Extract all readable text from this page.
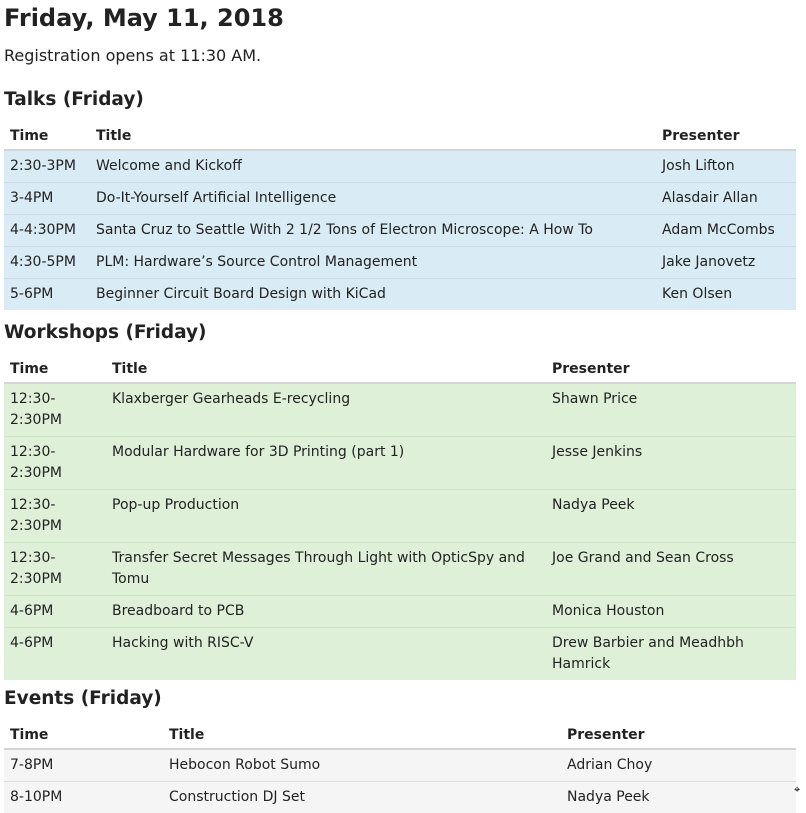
Friday, May 11, 2018
Registration opens at 11:30 AM.
Talks (Friday)
Time	Title	Presenter
2:30-3PM	Welcome and Kickoff	Josh Lifton
3-4PM	Do-It-Yourself Artificial Intelligence	Alasdair Allan
4-4:30PM	Santa Cruz to Seattle With 2 1/2 Tons of Electron Microscope: A How To	Adam McCombs
4:30-5PM	PLM: Hardware’s Source Control Management	Jake Janovetz
5-6PM	Beginner Circuit Board Design with KiCad	Ken Olsen
Workshops (Friday)
Time	Title	Presenter
12:30-2:30PM	Klaxberger Gearheads E-recycling	Shawn Price
12:30-2:30PM	Modular Hardware for 3D Printing (part 1)	Jesse Jenkins
12:30-2:30PM	Pop-up Production	Nadya Peek
12:30-2:30PM	Transfer Secret Messages Through Light with OpticSpy and Tomu	Joe Grand and Sean Cross
4-6PM	Breadboard to PCB	Monica Houston
4-6PM	Hacking with RISC-V	Drew Barbier and Meadhbh Hamrick
Events (Friday)
Time	Title	Presenter
7-8PM	Hebocon Robot Sumo	Adrian Choy
8-10PM	Construction DJ Set	Nadya Peek	⌖
